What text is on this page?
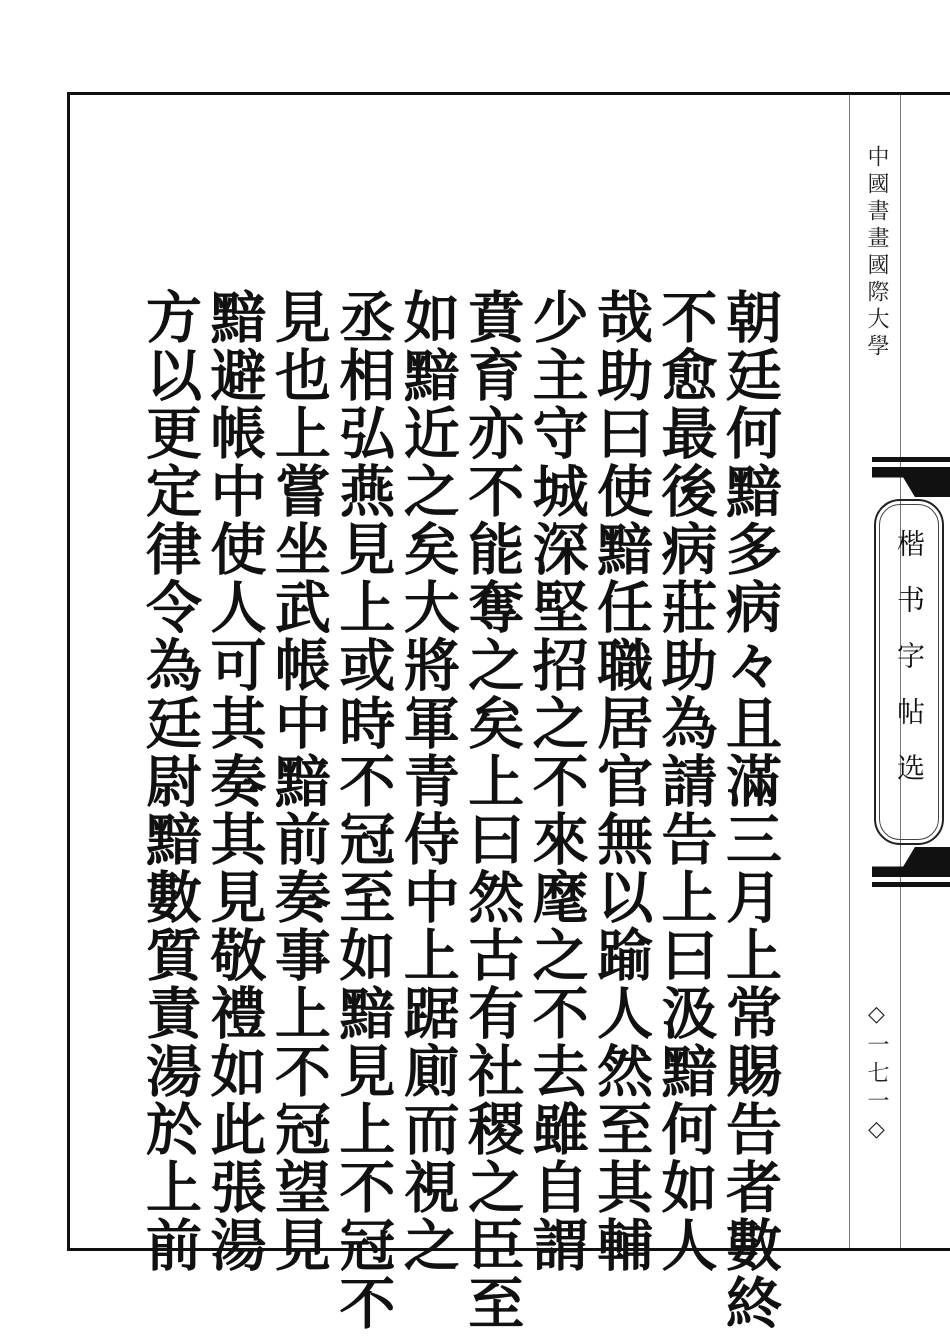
朝廷何黯多病々且滿三月上常賜告者數終
不愈最後病莊助為請告上曰汲黯何如人
哉助曰使黯任職居官無以踰人然至其輔
少主守城深堅招之不來麾之不去雖自謂
賁育亦不能奪之矣上曰然古有社稷之臣至
如黯近之矣大將軍青侍中上踞廁而視之
丞相弘燕見上或時不冠至如黯見上不冠不
見也上嘗坐武帳中黯前奏事上不冠望見
黯避帳中使人可其奏其見敬禮如此張湯
方以更定律令為廷尉黯數質責湯於上前
中國書畫國際大學
楷书字帖选
◇一七一◇
